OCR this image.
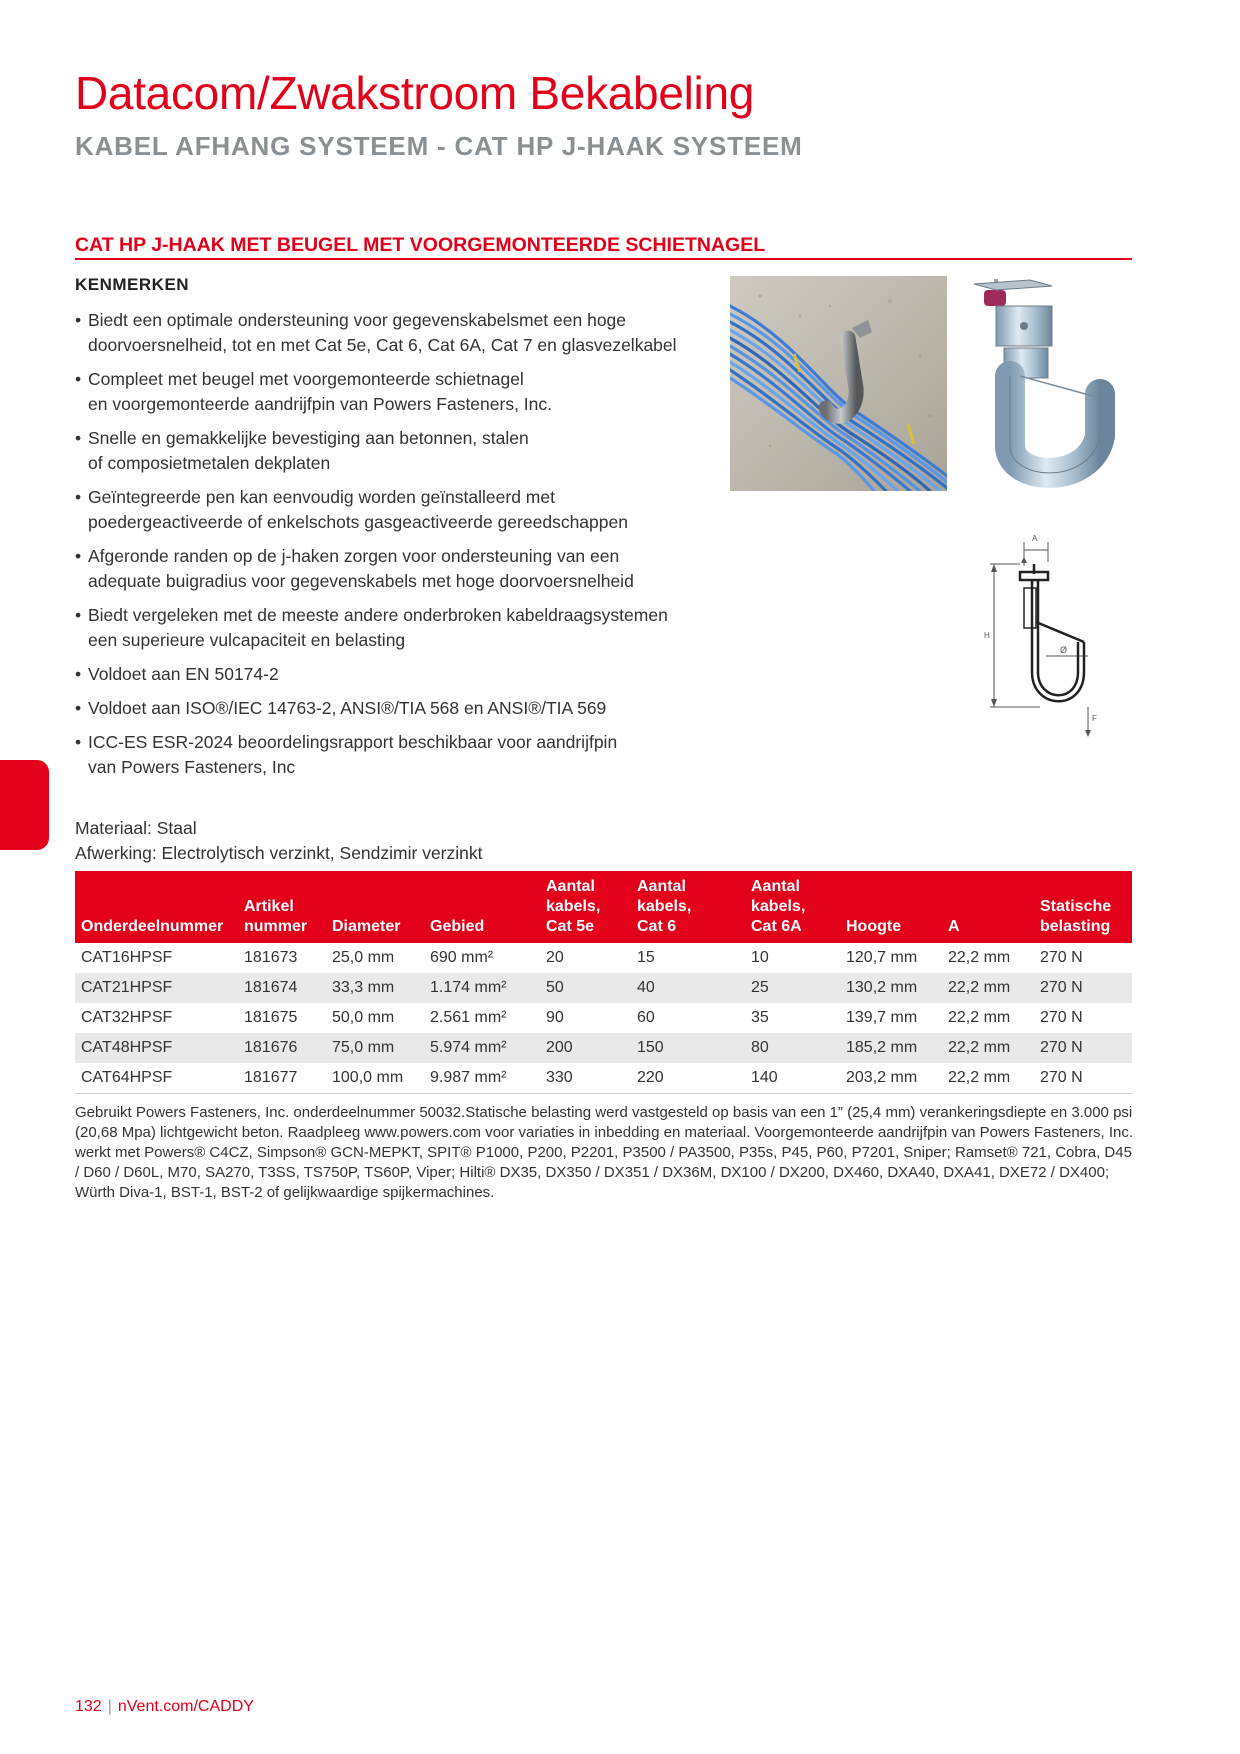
Datacom/Zwakstroom Bekabeling
KABEL AFHANG SYSTEEM - CAT HP J-HAAK SYSTEEM
CAT HP J-HAAK MET BEUGEL MET VOORGEMONTEERDE SCHIETNAGEL
KENMERKEN
• Biedt een optimale ondersteuning voor gegevenskabelsmet een hoge
doorvoersnelheid, tot en met Cat 5e, Cat 6, Cat 6A, Cat 7 en glasvezelkabel
• Compleet met beugel met voorgemonteerde schietnagel
en voorgemonteerde aandrijfpin van Powers Fasteners, Inc.
• Snelle en gemakkelijke bevestiging aan betonnen, stalen
of composietmetalen dekplaten
• Geïntegreerde pen kan eenvoudig worden geïnstalleerd met
poedergeactiveerde of enkelschots gasgeactiveerde gereedschappen
• Afgeronde randen op de j-haken zorgen voor ondersteuning van een
adequate buigradius voor gegevenskabels met hoge doorvoersnelheid
• Biedt vergeleken met de meeste andere onderbroken kabeldraagsystemen
een superieure vulcapaciteit en belasting
• Voldoet aan EN 50174-2
• Voldoet aan ISO®/IEC 14763-2, ANSI®/TIA 568 en ANSI®/TIA 569
• ICC-ES ESR-2024 beoordelingsrapport beschikbaar voor aandrijfpin
van Powers Fasteners, Inc
Materiaal: Staal
Afwerking: Electrolytisch verzinkt, Sendzimir verzinkt
A
H
Ø
F
Onderdeelnummer	Artikel
nummer	Diameter	Gebied	Aantal
kabels,
Cat 5e	Aantal
kabels,
Cat 6	Aantal
kabels,
Cat 6A	Hoogte	A	Statische
belasting
CAT16HPSF	181673	25,0 mm	690 mm²	20	15	10	120,7 mm	22,2 mm	270 N
CAT21HPSF	181674	33,3 mm	1.174 mm²	50	40	25	130,2 mm	22,2 mm	270 N
CAT32HPSF	181675	50,0 mm	2.561 mm²	90	60	35	139,7 mm	22,2 mm	270 N
CAT48HPSF	181676	75,0 mm	5.974 mm²	200	150	80	185,2 mm	22,2 mm	270 N
CAT64HPSF	181677	100,0 mm	9.987 mm²	330	220	140	203,2 mm	22,2 mm	270 N
Gebruikt Powers Fasteners, Inc. onderdeelnummer 50032.Statische belasting werd vastgesteld op basis van een 1” (25,4 mm) verankeringsdiepte en 3.000 psi (20,68 Mpa) lichtgewicht beton. Raadpleeg www.powers.com voor variaties in inbedding en materiaal. Voorgemonteerde aandrijfpin van Powers Fasteners, Inc. werkt met Powers® C4CZ, Simpson® GCN-MEPKT, SPIT® P1000, P200, P2201, P3500 / PA3500, P35s, P45, P60, P7201, Sniper; Ramset® 721, Cobra, D45 / D60 / D60L, M70, SA270, T3SS, TS750P, TS60P, Viper; Hilti® DX35, DX350 / DX351 / DX36M, DX100 / DX200, DX460, DXA40, DXA41, DXE72 / DX400; Würth Diva-1, BST-1, BST-2 of gelijkwaardige spijkermachines.
132 | nVent.com/CADDY
